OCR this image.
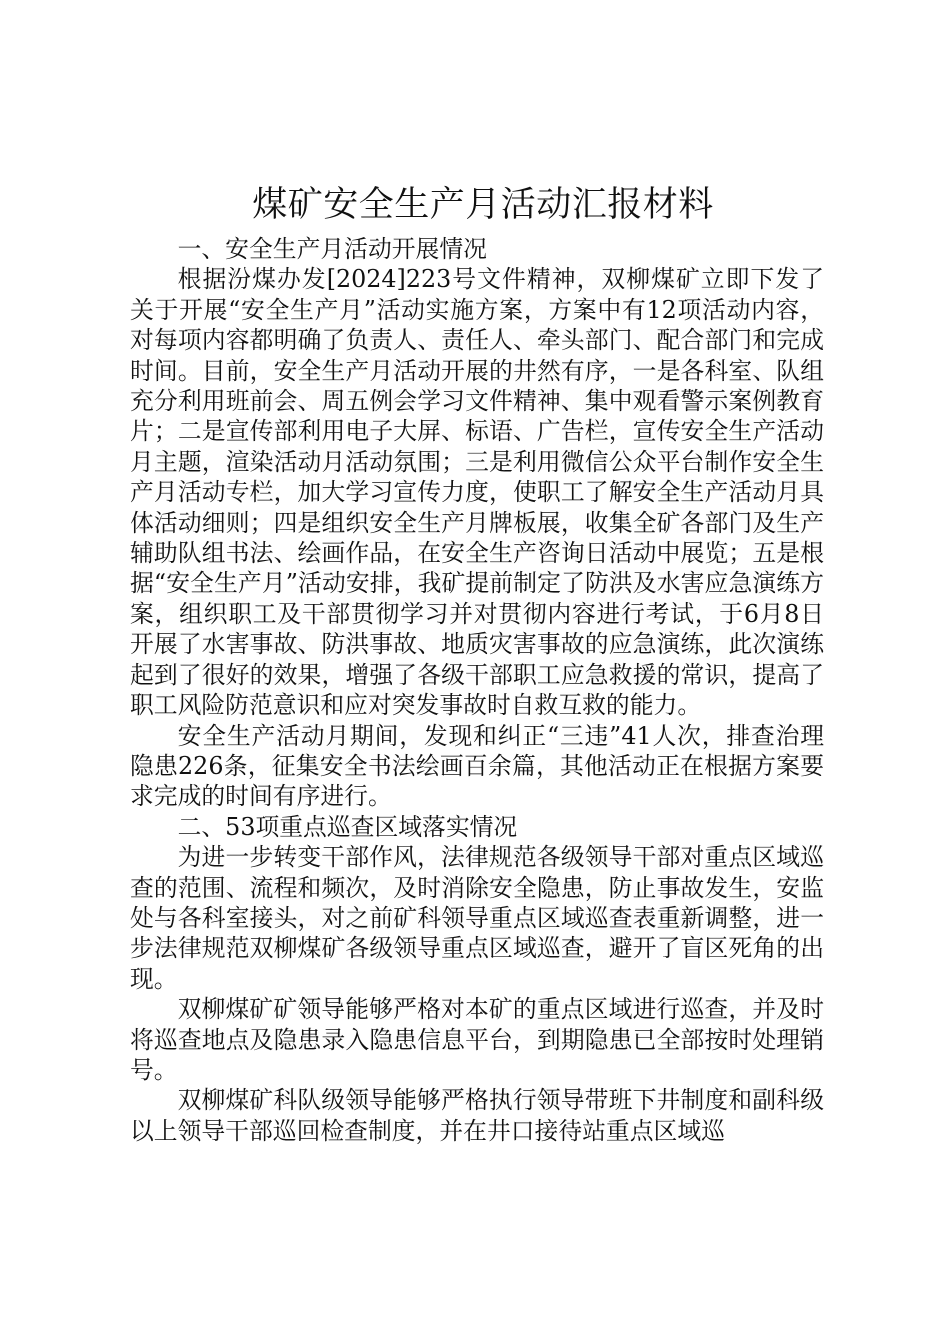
煤矿安全生产月活动汇报材料

一、安全生产月活动开展情况

根据汾煤办发[2024]223号文件精神，双柳煤矿立即下发了关于开展“安全生产月”活动实施方案，方案中有12项活动内容，对每项内容都明确了负责人、责任人、牵头部门、配合部门和完成时间。目前，安全生产月活动开展的井然有序，一是各科室、队组充分利用班前会、周五例会学习文件精神、集中观看警示案例教育片；二是宣传部利用电子大屏、标语、广告栏，宣传安全生产活动月主题，渲染活动月活动氛围；三是利用微信公众平台制作安全生产月活动专栏，加大学习宣传力度，使职工了解安全生产活动月具体活动细则；四是组织安全生产月牌板展，收集全矿各部门及生产辅助队组书法、绘画作品，在安全生产咨询日活动中展览；五是根据“安全生产月”活动安排，我矿提前制定了防洪及水害应急演练方案，组织职工及干部贯彻学习并对贯彻内容进行考试，于6月8日开展了水害事故、防洪事故、地质灾害事故的应急演练，此次演练起到了很好的效果，增强了各级干部职工应急救援的常识，提高了职工风险防范意识和应对突发事故时自救互救的能力。

安全生产活动月期间，发现和纠正“三违”41人次，排查治理隐患226条，征集安全书法绘画百余篇，其他活动正在根据方案要求完成的时间有序进行。

二、53项重点巡查区域落实情况

为进一步转变干部作风，法律规范各级领导干部对重点区域巡查的范围、流程和频次，及时消除安全隐患，防止事故发生，安监处与各科室接头，对之前矿科领导重点区域巡查表重新调整，进一步法律规范双柳煤矿各级领导重点区域巡查，避开了盲区死角的出现。

双柳煤矿矿领导能够严格对本矿的重点区域进行巡查，并及时将巡查地点及隐患录入隐患信息平台，到期隐患已全部按时处理销号。

双柳煤矿科队级领导能够严格执行领导带班下井制度和副科级以上领导干部巡回检查制度，并在井口接待站重点区域巡
